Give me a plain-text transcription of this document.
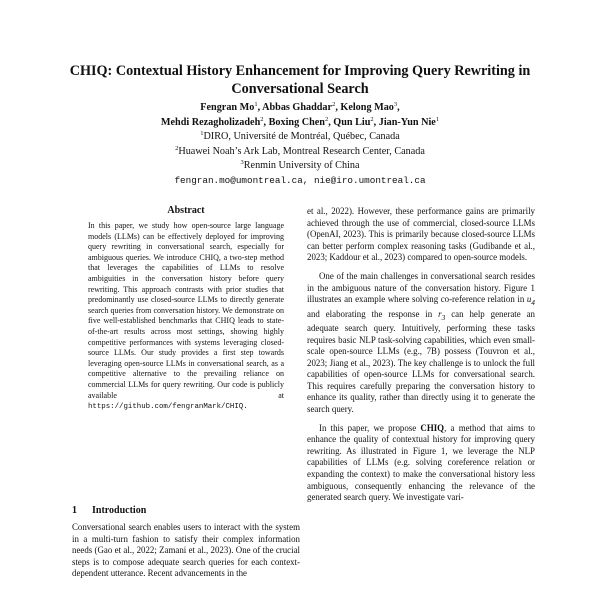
CHIQ: Contextual History Enhancement for Improving Query Rewriting in Conversational Search
Fengran Mo$^1$, Abbas Ghaddar$^2$, Kelong Mao$^3$,
Mehdi Rezagholizadeh$^2$, Boxing Chen$^2$, Qun Liu$^2$, Jian-Yun Nie$^1$
$^1$DIRO, Université de Montréal, Québec, Canada
$^2$Huawei Noah’s Ark Lab, Montreal Research Center, Canada
$^3$Renmin University of China
fengran.mo@umontreal.ca, nie@iro.umontreal.ca
Abstract
In this paper, we study how open-source large language models (LLMs) can be effectively deployed for improving query rewriting in conversational search, especially for ambiguous queries. We introduce CHIQ, a two-step method that leverages the capabilities of LLMs to resolve ambiguities in the conversation history before query rewriting. This approach contrasts with prior studies that predominantly use closed-source LLMs to directly generate search queries from conversation history. We demonstrate on five well-established benchmarks that CHIQ leads to state-of-the-art results across most settings, showing highly competitive performances with systems leveraging closed-source LLMs. Our study provides a first step towards leveraging open-source LLMs in conversational search, as a competitive alternative to the prevailing reliance on commercial LLMs for query rewriting. Our code is publicly available at https://github.com/fengranMark/CHIQ.
1 Introduction
Conversational search enables users to interact with the system in a multi-turn fashion to satisfy their complex information needs (Gao et al., 2022; Zamani et al., 2023). One of the crucial steps is to compose adequate search queries for each context-dependent utterance. Recent advancements in the

et al., 2022). However, these performance gains are primarily achieved through the use of commercial, closed-source LLMs (OpenAI, 2023). This is primarily because closed-source LLMs can better perform complex reasoning tasks (Gudibande et al., 2023; Kaddour et al., 2023) compared to open-source models.

One of the main challenges in conversational search resides in the ambiguous nature of the conversation history. Figure 1 illustrates an example where solving co-reference relation in $u_4$ and elaborating the response in $r_3$ can help generate an adequate search query. Intuitively, performing these tasks requires basic NLP task-solving capabilities, which even small-scale open-source LLMs (e.g., 7B) possess (Touvron et al., 2023; Jiang et al., 2023). The key challenge is to unlock the full capabilities of open-source LLMs for conversational search. This requires carefully preparing the conversation history to enhance its quality, rather than directly using it to generate the search query.

In this paper, we propose CHIQ, a method that aims to enhance the quality of contextual history for improving query rewriting. As illustrated in Figure 1, we leverage the NLP capabilities of LLMs (e.g. solving coreference relation or expanding the context) to make the conversational history less ambiguous, consequently enhancing the relevance of the generated search query. We investigate vari-
